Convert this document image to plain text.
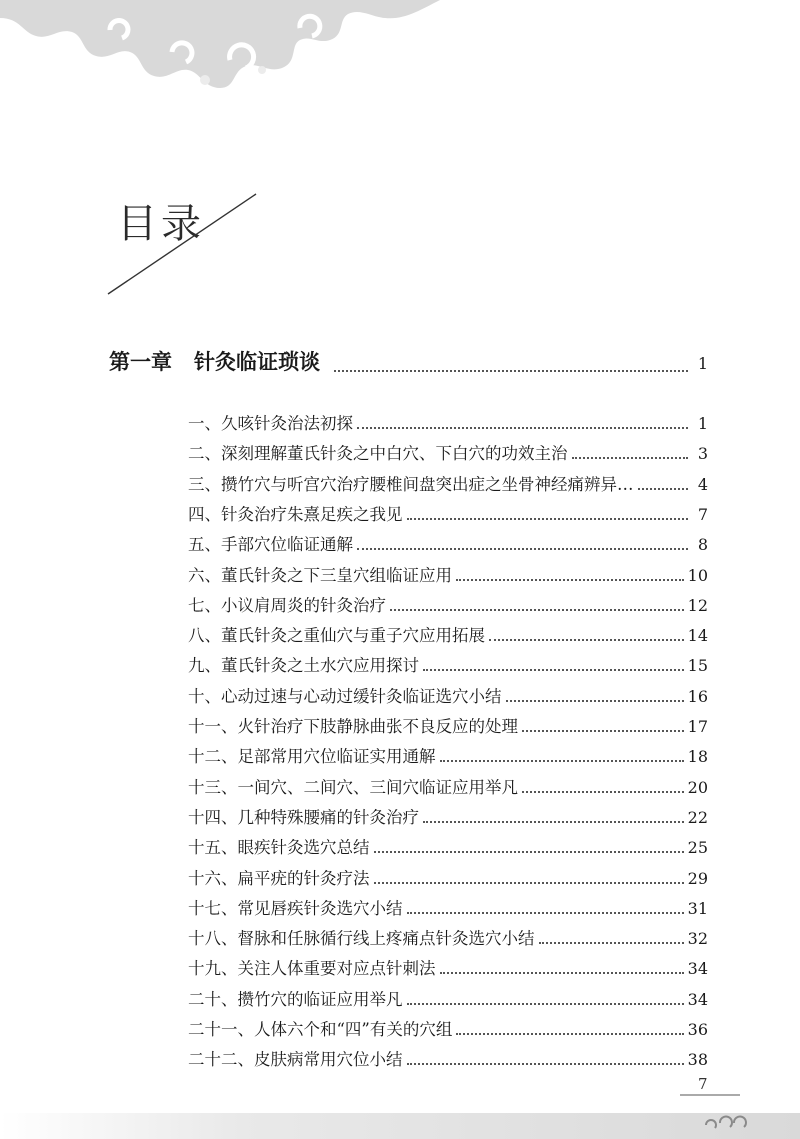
目录
第一章 针灸临证琐谈	1
一、久咳针灸治法初探	1
二、深刻理解董氏针灸之中白穴、下白穴的功效主治	3
三、攒竹穴与听宫穴治疗腰椎间盘突出症之坐骨神经痛辨异…	4
四、针灸治疗朱熹足疾之我见	7
五、手部穴位临证通解	8
六、董氏针灸之下三皇穴组临证应用	10
七、小议肩周炎的针灸治疗	12
八、董氏针灸之重仙穴与重子穴应用拓展	14
九、董氏针灸之土水穴应用探讨	15
十、心动过速与心动过缓针灸临证选穴小结	16
十一、火针治疗下肢静脉曲张不良反应的处理	17
十二、足部常用穴位临证实用通解	18
十三、一间穴、二间穴、三间穴临证应用举凡	20
十四、几种特殊腰痛的针灸治疗	22
十五、眼疾针灸选穴总结	25
十六、扁平疣的针灸疗法	29
十七、常见唇疾针灸选穴小结	31
十八、督脉和任脉循行线上疼痛点针灸选穴小结	32
十九、关注人体重要对应点针刺法	34
二十、攒竹穴的临证应用举凡	34
二十一、人体六个和“四”有关的穴组	36
二十二、皮肤病常用穴位小结	38
7
